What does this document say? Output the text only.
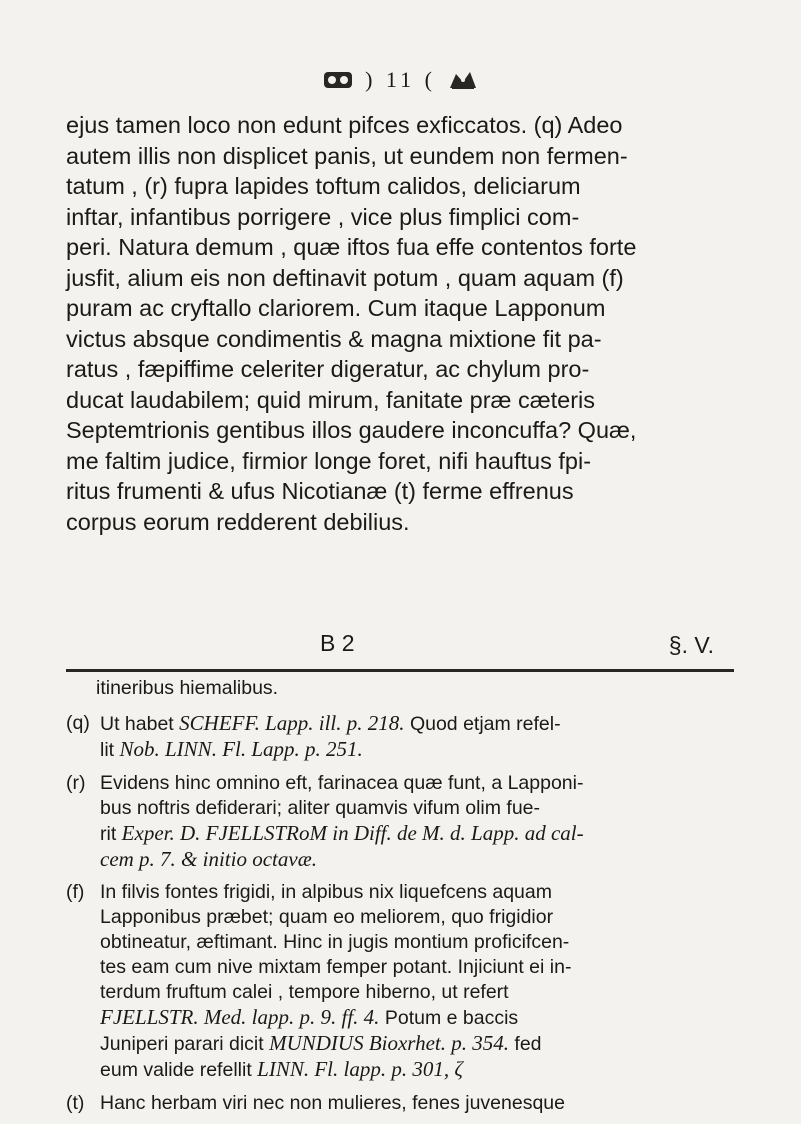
) 11 (
ejus tamen loco non edunt pifces exficcatos. (q) Adeo
autem illis non displicet panis, ut eundem non fermen-
tatum , (r) fupra lapides toftum calidos, deliciarum
inftar, infantibus porrigere , vice plus fimplici com-
peri. Natura demum , quæ iftos fua effe contentos forte
jusfit, alium eis non deftinavit potum , quam aquam (f)
puram ac cryftallo clariorem. Cum itaque Lapponum
victus absque condimentis & magna mixtione fit pa-
ratus , fæpiffime celeriter digeratur, ac chylum pro-
ducat laudabilem; quid mirum, fanitate præ cæteris
Septemtrionis gentibus illos gaudere inconcuffa? Quæ,
me faltim judice, firmior longe foret, nifi hauftus fpi-
ritus frumenti & ufus Nicotianæ (t) ferme effrenus
corpus eorum redderent debilius.
B 2	§. V.
itineribus hiemalibus.
(q) Ut habet SCHEFF. Lapp. ill. p. 218. Quod etjam refel-
lit Nob. LINN. Fl. Lapp. p. 251.
(r) Evidens hinc omnino eft, farinacea quæ funt, a Lapponi-
bus noftris defiderari; aliter quamvis vifum olim fue-
rit Exper. D. FJELLSTRoM in Diff. de M. d. Lapp. ad cal-
cem p. 7. & initio octavæ.
(f) In filvis fontes frigidi, in alpibus nix liquefcens aquam
Lapponibus præbet; quam eo meliorem, quo frigidior
obtineatur, æftimant. Hinc in jugis montium proficifcen-
tes eam cum nive mixtam femper potant. Injiciunt ei in-
terdum fruftum calei , tempore hiberno, ut refert
FJELLSTR. Med. lapp. p. 9. ff. 4. Potum e baccis
Juniperi parari dicit MUNDIUS Bioxrhet. p. 354. fed
eum valide refellit LINN. Fl. lapp. p. 301, ζ
(t) Hanc herbam viri nec non mulieres, fenes juvenesque
